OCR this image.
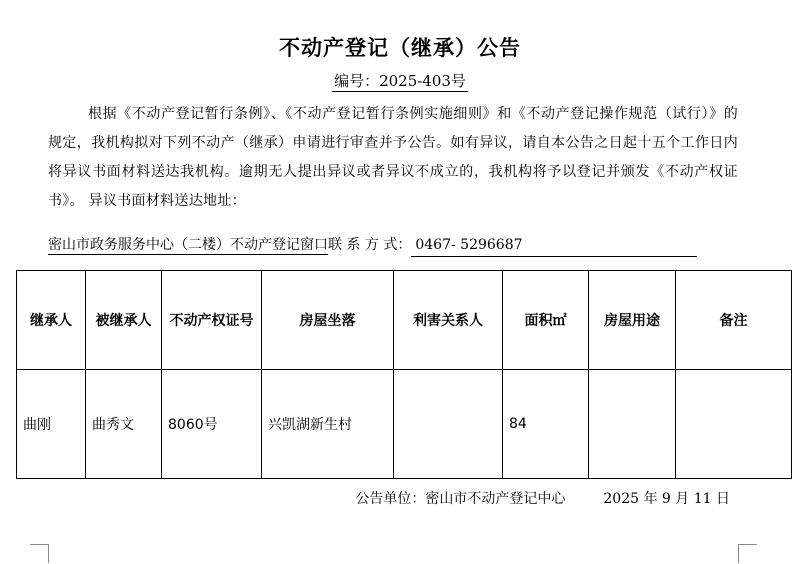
不动产登记（继承）公告
编号：2025-403号
根据《不动产登记暂行条例》、《不动产登记暂行条例实施细则》和《不动产登记操作规范（试行）》的规定，我机构拟对下列不动产（继承）申请进行审查并予公告。如有异议，请自本公告之日起十五个工作日内将异议书面材料送达我机构。逾期无人提出异议或者异议不成立的，我机构将予以登记并颁发《不动产权证书》。 异议书面材料送达地址：
密山市政务服务中心（二楼）不动产登记窗口联 系 方 式： 0467- 5296687
继承人	被继承人	不动产权证号	房屋坐落	利害关系人	面积㎡	房屋用途	备注
曲刚	曲秀文	8060号	兴凯湖新生村		84		
公告单位：密山市不动产登记中心	2025 年 9 月 11 日
